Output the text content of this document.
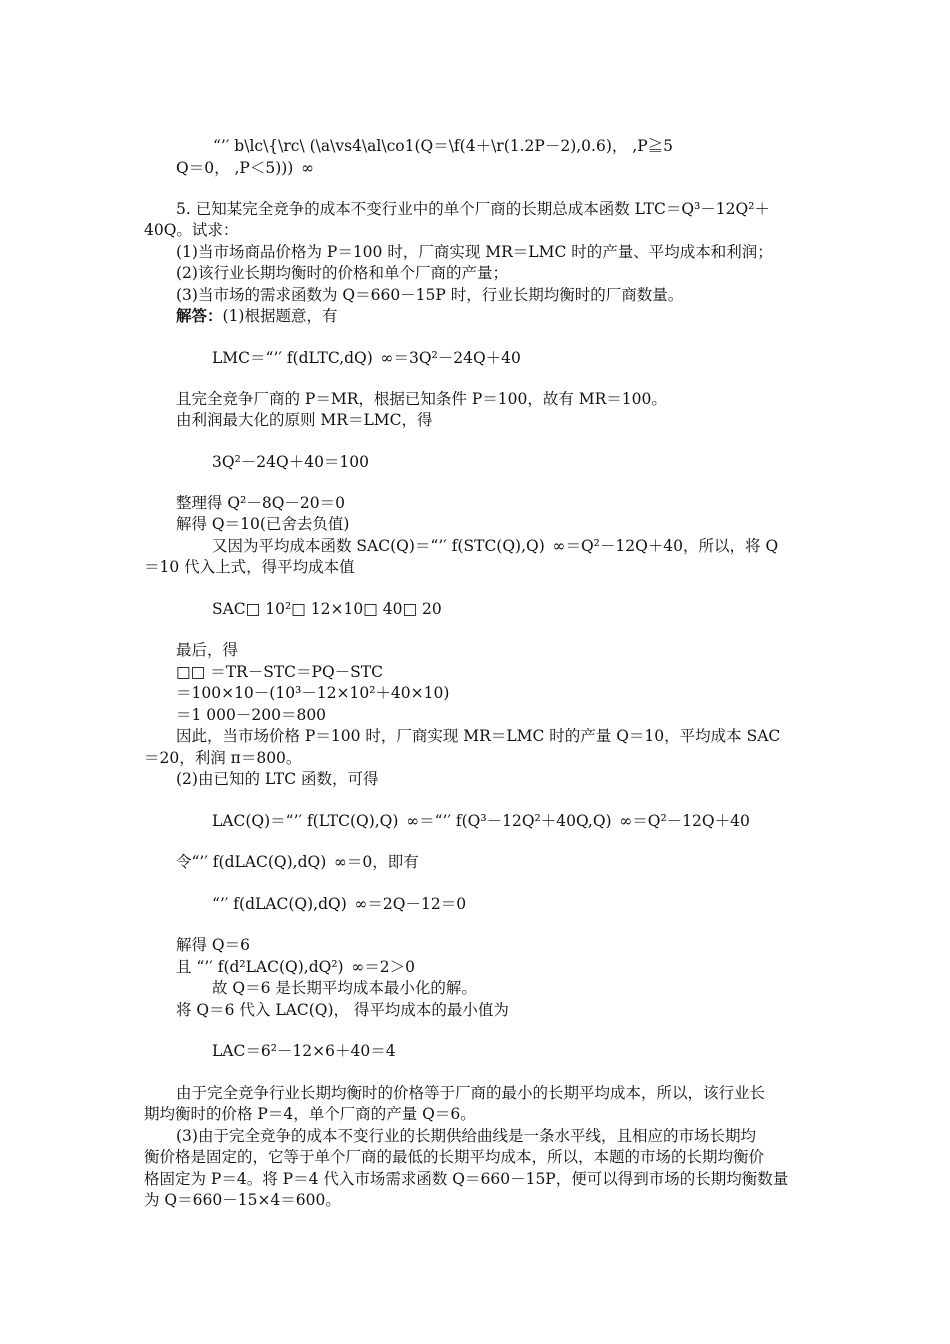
“’′ b\lc\{\rc\ (\a\vs4\al\co1(Q＝\f(4＋\r(1.2P－2),0.6)， ,P≧5
Q＝0， ,P＜5))) ∞
5. 已知某完全竞争的成本不变行业中的单个厂商的长期总成本函数 LTC＝Q³－12Q²＋
40Q。试求：
(1)当市场商品价格为 P＝100 时，厂商实现 MR＝LMC 时的产量、平均成本和利润；
(2)该行业长期均衡时的价格和单个厂商的产量；
(3)当市场的需求函数为 Q＝660－15P 时，行业长期均衡时的厂商数量。
解答：(1)根据题意，有
LMC＝“’′ f(dLTC,dQ) ∞＝3Q²－24Q＋40
且完全竞争厂商的 P＝MR，根据已知条件 P＝100，故有 MR＝100。
由利润最大化的原则 MR＝LMC，得
3Q²－24Q＋40＝100
整理得 Q²－8Q－20＝0
解得 Q＝10(已舍去负值)
又因为平均成本函数 SAC(Q)＝“’′ f(STC(Q),Q) ∞＝Q²－12Q＋40，所以，将 Q
＝10 代入上式，得平均成本值
SAC□ 10²□ 12×10□ 40□ 20
最后，得
□□ ＝TR－STC＝PQ－STC
＝100×10－(10³－12×10²＋40×10)
＝1 000－200＝800
因此，当市场价格 P＝100 时，厂商实现 MR＝LMC 时的产量 Q＝10，平均成本 SAC
＝20，利润 π＝800。
(2)由已知的 LTC 函数，可得
LAC(Q)＝“’′ f(LTC(Q),Q) ∞＝“’′ f(Q³－12Q²＋40Q,Q) ∞＝Q²－12Q＋40
令“’′ f(dLAC(Q),dQ) ∞＝0，即有
“’′ f(dLAC(Q),dQ) ∞＝2Q－12＝0
解得 Q＝6
且 “’′ f(d²LAC(Q),dQ²) ∞＝2＞0
故 Q＝6 是长期平均成本最小化的解。
将 Q＝6 代入 LAC(Q)， 得平均成本的最小值为
LAC＝6²－12×6＋40＝4
由于完全竞争行业长期均衡时的价格等于厂商的最小的长期平均成本，所以，该行业长
期均衡时的价格 P＝4，单个厂商的产量 Q＝6。
(3)由于完全竞争的成本不变行业的长期供给曲线是一条水平线，且相应的市场长期均
衡价格是固定的，它等于单个厂商的最低的长期平均成本，所以，本题的市场的长期均衡价
格固定为 P＝4。将 P＝4 代入市场需求函数 Q＝660－15P，便可以得到市场的长期均衡数量
为 Q＝660－15×4＝600。
